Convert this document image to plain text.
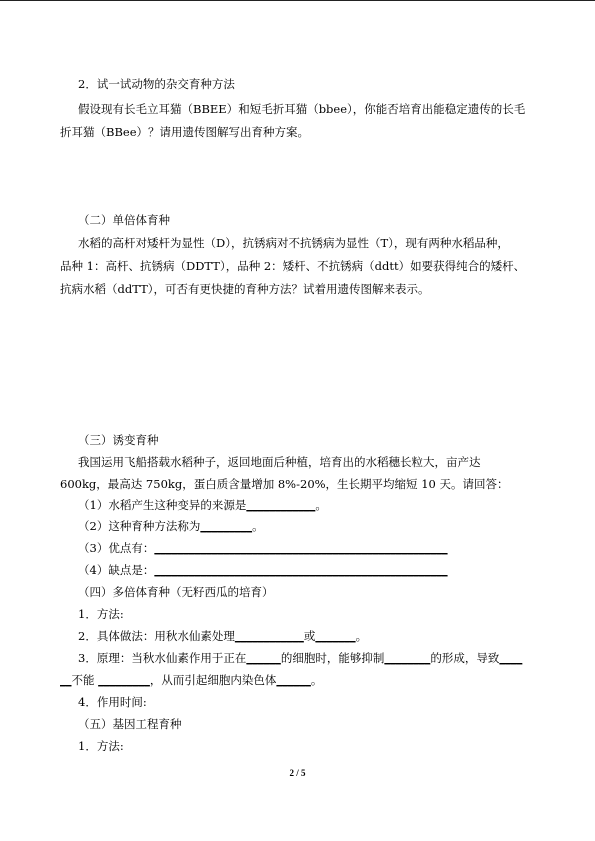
2．试一试动物的杂交育种方法
假设现有长毛立耳猫（BBEE）和短毛折耳猫（bbee），你能否培育出能稳定遗传的长毛
折耳猫（BBee）？请用遗传图解写出育种方案。
（二）单倍体育种
水稻的高杆对矮杆为显性（D），抗锈病对不抗锈病为显性（T），现有两种水稻品种，
品种 1：高杆、抗锈病（DDTT），品种 2：矮杆、不抗锈病（ddtt）如要获得纯合的矮杆、
抗病水稻（ddTT），可否有更快捷的育种方法？试着用遗传图解来表示。
（三）诱变育种
我国运用飞船搭载水稻种子，返回地面后种植，培育出的水稻穗长粒大，亩产达
600kg，最高达 750kg，蛋白质含量增加 8%-20%，生长期平均缩短 10 天。请回答：
（1）水稻产生这种变异的来源是____________。
（2）这种育种方法称为_________。
（3）优点有：___________________________________________________
（4）缺点是：___________________________________________________
（四）多倍体育种（无籽西瓜的培育）
1．方法:
2．具体做法：用秋水仙素处理____________或_______。
3．原理：当秋水仙素作用于正在______的细胞时，能够抑制________的形成，导致____
__不能 _________，从而引起细胞内染色体______。
4．作用时间:
（五）基因工程育种
1．方法:
2 / 5
